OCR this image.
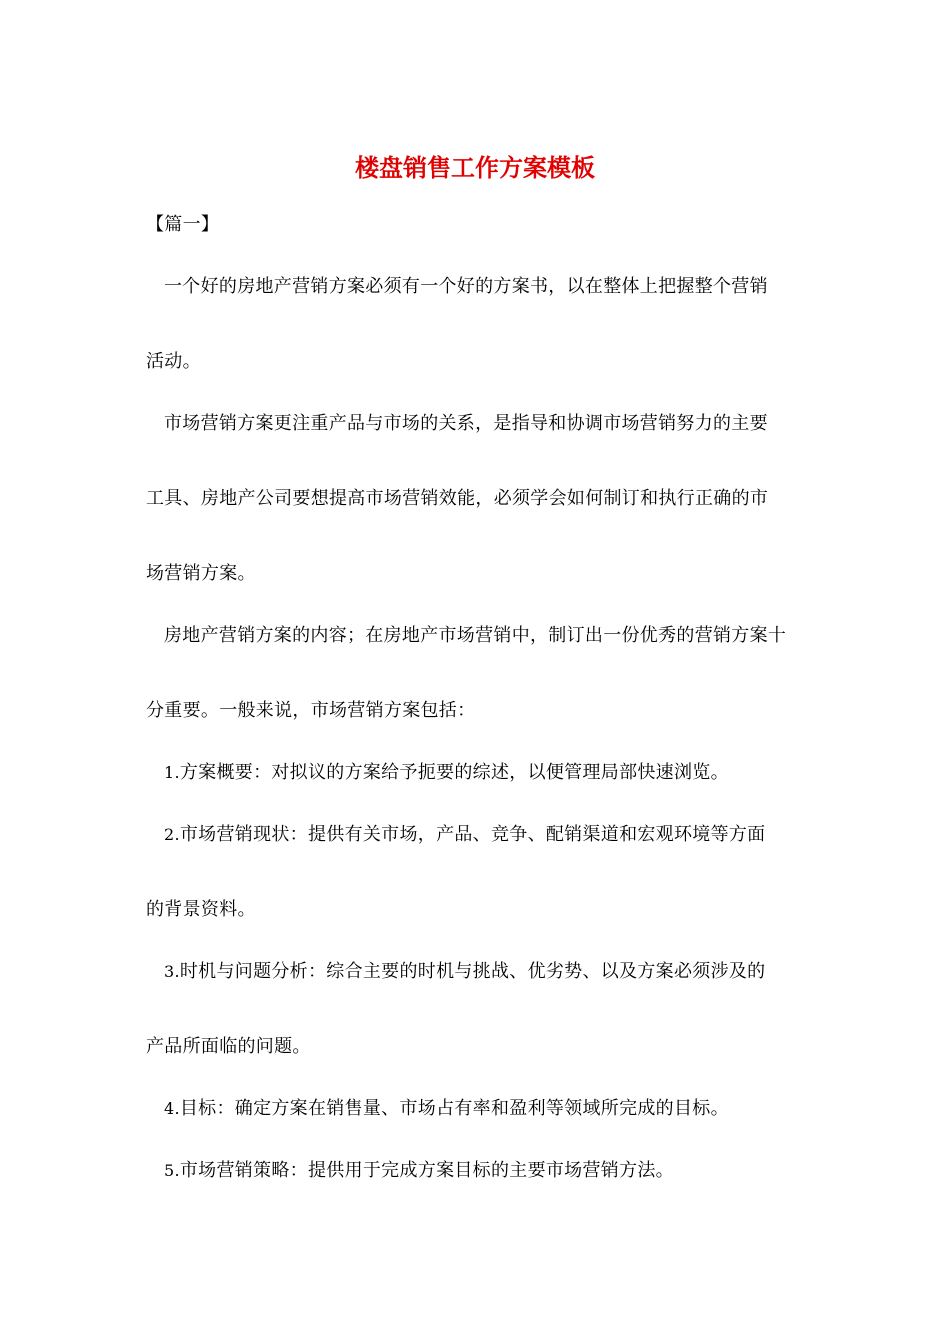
楼盘销售工作方案模板
【篇一】
一个好的房地产营销方案必须有一个好的方案书，以在整体上把握整个营销
活动。
市场营销方案更注重产品与市场的关系，是指导和协调市场营销努力的主要
工具、房地产公司要想提高市场营销效能，必须学会如何制订和执行正确的市
场营销方案。
房地产营销方案的内容；在房地产市场营销中，制订出一份优秀的营销方案十
分重要。一般来说，市场营销方案包括：
1.方案概要：对拟议的方案给予扼要的综述，以便管理局部快速浏览。
2.市场营销现状：提供有关市场，产品、竞争、配销渠道和宏观环境等方面
的背景资料。
3.时机与问题分析：综合主要的时机与挑战、优劣势、以及方案必须涉及的
产品所面临的问题。
4.目标：确定方案在销售量、市场占有率和盈利等领域所完成的目标。
5.市场营销策略：提供用于完成方案目标的主要市场营销方法。
